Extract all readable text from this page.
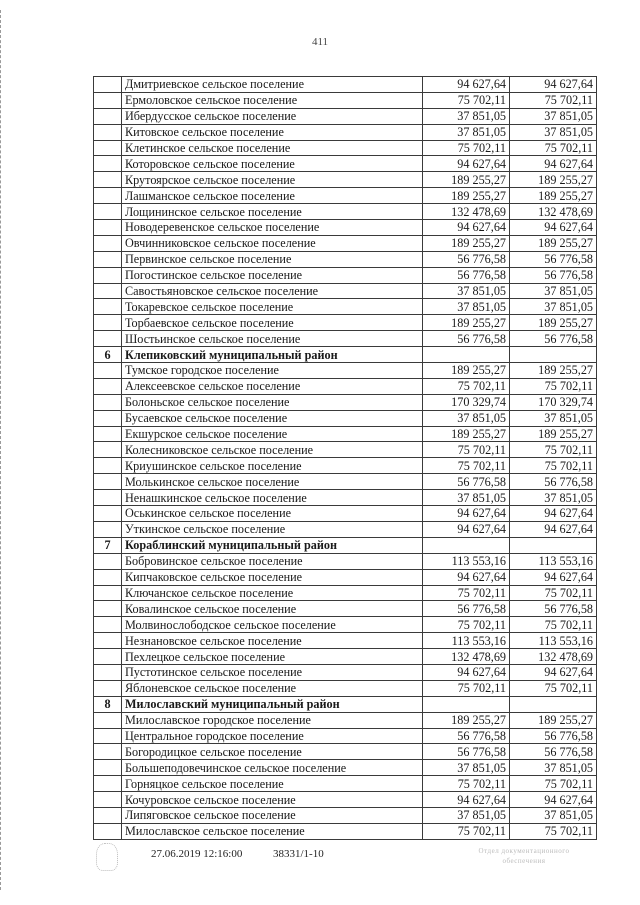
411
	Дмитриевское сельское поселение	94 627,64	94 627,64
	Ермоловское сельское поселение	75 702,11	75 702,11
	Ибердусское сельское поселение	37 851,05	37 851,05
	Китовское сельское поселение	37 851,05	37 851,05
	Клетинское сельское поселение	75 702,11	75 702,11
	Которовское сельское поселение	94 627,64	94 627,64
	Крутоярское сельское поселение	189 255,27	189 255,27
	Лашманское сельское поселение	189 255,27	189 255,27
	Лощининское сельское поселение	132 478,69	132 478,69
	Новодеревенское сельское поселение	94 627,64	94 627,64
	Овчинниковское сельское поселение	189 255,27	189 255,27
	Первинское сельское поселение	56 776,58	56 776,58
	Погостинское сельское поселение	56 776,58	56 776,58
	Савостьяновское сельское поселение	37 851,05	37 851,05
	Токаревское сельское поселение	37 851,05	37 851,05
	Торбаевское сельское поселение	189 255,27	189 255,27
	Шостьинское сельское поселение	56 776,58	56 776,58
6	Клепиковский муниципальный район		
	Тумское городское поселение	189 255,27	189 255,27
	Алексеевское сельское поселение	75 702,11	75 702,11
	Болоньское сельское поселение	170 329,74	170 329,74
	Бусаевское сельское поселение	37 851,05	37 851,05
	Екшурское сельское поселение	189 255,27	189 255,27
	Колесниковское сельское поселение	75 702,11	75 702,11
	Криушинское сельское поселение	75 702,11	75 702,11
	Молькинское сельское поселение	56 776,58	56 776,58
	Ненашкинское сельское поселение	37 851,05	37 851,05
	Оськинское сельское поселение	94 627,64	94 627,64
	Уткинское сельское поселение	94 627,64	94 627,64
7	Кораблинский муниципальный район		
	Бобровинское сельское поселение	113 553,16	113 553,16
	Кипчаковское сельское поселение	94 627,64	94 627,64
	Ключанское сельское поселение	75 702,11	75 702,11
	Ковалинское сельское поселение	56 776,58	56 776,58
	Молвинослободское сельское поселение	75 702,11	75 702,11
	Незнановское сельское поселение	113 553,16	113 553,16
	Пехлецкое сельское поселение	132 478,69	132 478,69
	Пустотинское сельское поселение	94 627,64	94 627,64
	Яблоневское сельское поселение	75 702,11	75 702,11
8	Милославский муниципальный район		
	Милославское городское поселение	189 255,27	189 255,27
	Центральное городское поселение	56 776,58	56 776,58
	Богородицкое сельское поселение	56 776,58	56 776,58
	Большеподовечинское сельское поселение	37 851,05	37 851,05
	Горняцкое сельское поселение	75 702,11	75 702,11
	Кочуровское сельское поселение	94 627,64	94 627,64
	Липяговское сельское поселение	37 851,05	37 851,05
	Милославское сельское поселение	75 702,11	75 702,11
27.06.2019 12:16:00	38331/1-10	Отдел документационного
обеспечения
